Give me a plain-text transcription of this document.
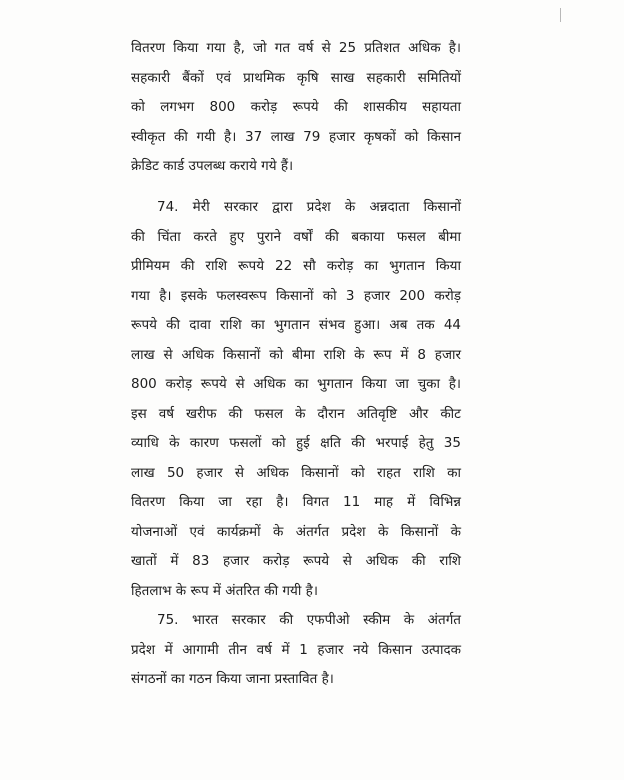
वितरण किया गया है, जो गत वर्ष से 25 प्रतिशत अधिक है।
सहकारी बैंकों एवं प्राथमिक कृषि साख सहकारी समितियों
को लगभग 800 करोड़ रूपये की शासकीय सहायता
स्वीकृत की गयी है। 37 लाख 79 हजार कृषकों को किसान
क्रेडिट कार्ड उपलब्ध कराये गये हैं।
74. मेरी सरकार द्वारा प्रदेश के अन्नदाता किसानों
की चिंता करते हुए पुराने वर्षों की बकाया फसल बीमा
प्रीमियम की राशि रूपये 22 सौ करोड़ का भुगतान किया
गया है। इसके फलस्वरूप किसानों को 3 हजार 200 करोड़
रूपये की दावा राशि का भुगतान संभव हुआ। अब तक 44
लाख से अधिक किसानों को बीमा राशि के रूप में 8 हजार
800 करोड़ रूपये से अधिक का भुगतान किया जा चुका है।
इस वर्ष खरीफ की फसल के दौरान अतिवृष्टि और कीट
व्याधि के कारण फसलों को हुई क्षति की भरपाई हेतु 35
लाख 50 हजार से अधिक किसानों को राहत राशि का
वितरण किया जा रहा है। विगत 11 माह में विभिन्न
योजनाओं एवं कार्यक्रमों के अंतर्गत प्रदेश के किसानों के
खातों में 83 हजार करोड़ रूपये से अधिक की राशि
हितलाभ के रूप में अंतरित की गयी है।
75. भारत सरकार की एफपीओ स्कीम के अंतर्गत
प्रदेश में आगामी तीन वर्ष में 1 हजार नये किसान उत्पादक
संगठनों का गठन किया जाना प्रस्तावित है।
